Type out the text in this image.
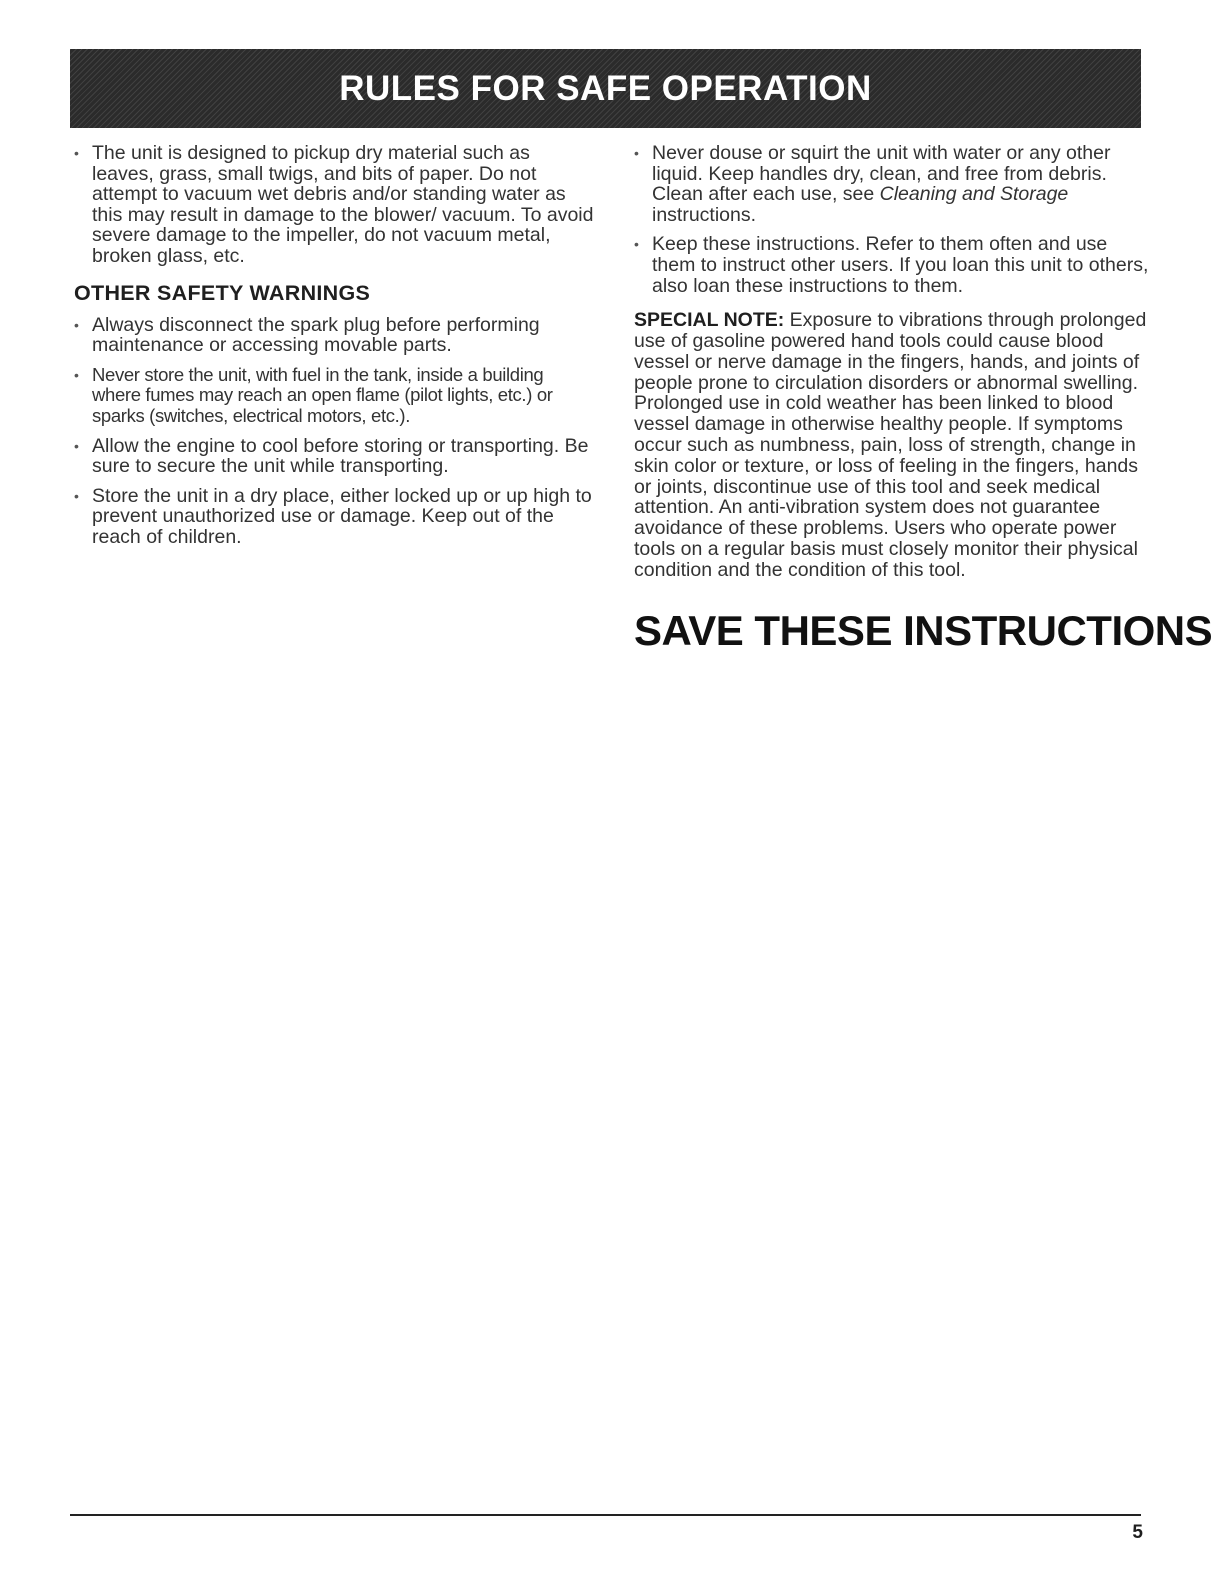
RULES FOR SAFE OPERATION
• The unit is designed to pickup dry material such as leaves, grass, small twigs, and bits of paper. Do not attempt to vacuum wet debris and/or standing water as this may result in damage to the blower/ vacuum. To avoid severe damage to the impeller, do not vacuum metal, broken glass, etc.
OTHER SAFETY WARNINGS
• Always disconnect the spark plug before performing maintenance or accessing movable parts.
• Never store the unit, with fuel in the tank, inside a building where fumes may reach an open flame (pilot lights, etc.) or sparks (switches, electrical motors, etc.).
• Allow the engine to cool before storing or transporting. Be sure to secure the unit while transporting.
• Store the unit in a dry place, either locked up or up high to prevent unauthorized use or damage. Keep out of the reach of children.
• Never douse or squirt the unit with water or any other liquid. Keep handles dry, clean, and free from debris. Clean after each use, see Cleaning and Storage instructions.
• Keep these instructions. Refer to them often and use them to instruct other users. If you loan this unit to others, also loan these instructions to them.
SPECIAL NOTE: Exposure to vibrations through prolonged use of gasoline powered hand tools could cause blood vessel or nerve damage in the fingers, hands, and joints of people prone to circulation disorders or abnormal swelling. Prolonged use in cold weather has been linked to blood vessel damage in otherwise healthy people. If symptoms occur such as numbness, pain, loss of strength, change in skin color or texture, or loss of feeling in the fingers, hands or joints, discontinue use of this tool and seek medical attention. An anti-vibration system does not guarantee avoidance of these problems. Users who operate power tools on a regular basis must closely monitor their physical condition and the condition of this tool.
SAVE THESE INSTRUCTIONS
5
